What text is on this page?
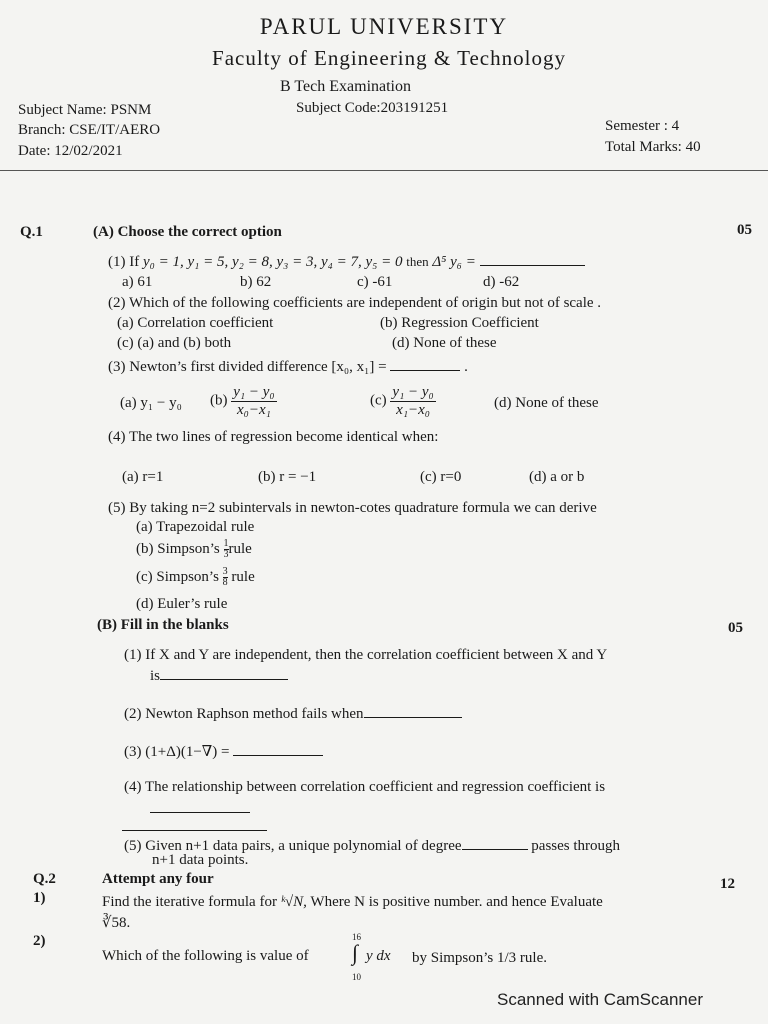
PARUL UNIVERSITY
Faculty of Engineering & Technology
B Tech Examination
Subject Name: PSNM	Subject Code:203191251
Branch: CSE/IT/AERO
Date: 12/02/2021
Semester : 4
Total Marks: 40
Q.1	(A) Choose the correct option	05
(1) If y₀ = 1, y₁ = 5, y₂ = 8, y₃ = 3, y₄ = 7, y₅ = 0 then Δ⁵ y₆ =
a) 61	b) 62	c) -61	d) -62
(2) Which of the following coefficients are independent of origin but not of scale .
(a) Correlation coefficient	(b) Regression Coefficient
(c) (a) and (b) both	(d) None of these
(3) Newton’s first divided difference [x₀, x₁] =	.
(a) y₁ − y₀ $(b) \frac{\text{y₁ − y₀}}{\text{x₀−x₁}}$	$(c) \frac{\text{y₁ − y₀}}{\text{x₁−x₀}}$	(d) None of these
(4) The two lines of regression become identical when:
(a) r=1	(b) r = −1	(c) r=0	(d) a or b
(5) By taking n=2 subintervals in newton-cotes quadrature formula we can derive
(a) Trapezoidal rule
(b) Simpson’s $\frac{1}{3}$ rule
(c) Simpson’s $\frac{3}{8}$ rule
(d) Euler’s rule
(B) Fill in the blanks	05
(1) If X and Y are independent, then the correlation coefficient between X and Y
is
(2) Newton Raphson method fails when
(3) (1+Δ)(1−∇) =
(4) The relationship between correlation coefficient and regression coefficient is
(5) Given n+1 data pairs, a unique polynomial of degree	passes through
n+1 data points.
Q.2	Attempt any four	12
1)	Find the iterative formula for ᵏ√N, Where N is positive number. and hence Evaluate
∛58.
2)
Which of the following is value of
16
∫
10
y dx by Simpson’s 1/3 rule.
Scanned with CamScanner
